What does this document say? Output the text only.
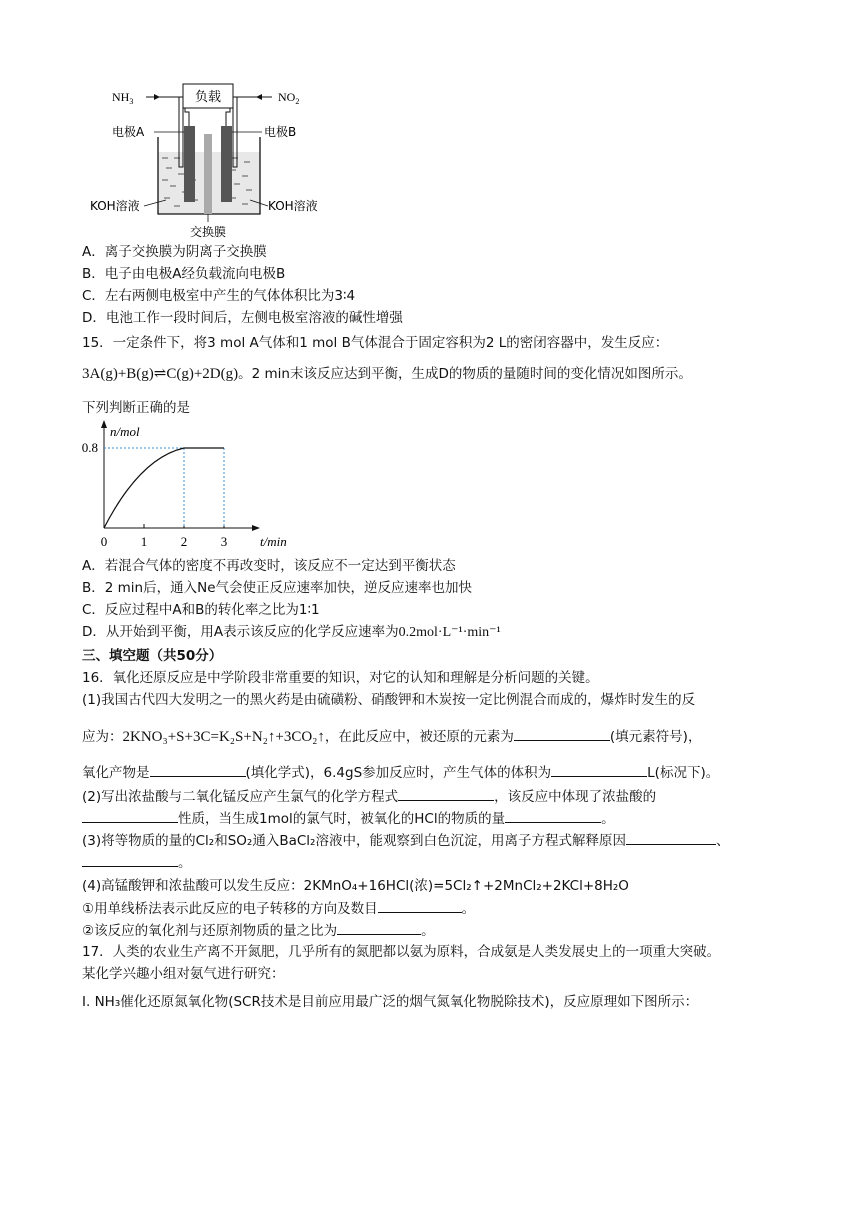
负载
$NH_3$	$NO_2$
电极A	电极B
KOH溶液	KOH溶液
交换膜
A．离子交换膜为阴离子交换膜
B．电子由电极A经负载流向电极B
C．左右两侧电极室中产生的气体体积比为3∶4
D．电池工作一段时间后，左侧电极室溶液的碱性增强
15．一定条件下，将3 mol A气体和1 mol B气体混合于固定容积为2 L的密闭容器中，发生反应：
3A(g)+B(g)⇌C(g)+2D(g)。2 min末该反应达到平衡，生成D的物质的量随时间的变化情况如图所示。
下列判断正确的是
n/mol
t/min
0	1	2	3
0.8
A．若混合气体的密度不再改变时，该反应不一定达到平衡状态
B．2 min后，通入Ne气会使正反应速率加快，逆反应速率也加快
C．反应过程中A和B的转化率之比为1∶1
D．从开始到平衡，用A表示该反应的化学反应速率为0.2mol·L⁻¹·min⁻¹
三、填空题（共50分）
16．氧化还原反应是中学阶段非常重要的知识，对它的认知和理解是分析问题的关键。
(1)我国古代四大发明之一的黑火药是由硫磺粉、硝酸钾和木炭按一定比例混合而成的，爆炸时发生的反
应为：2KNO₃+S+3C=K₂S+N₂↑+3CO₂↑，在此反应中，被还原的元素为	(填元素符号)，
氧化产物是	(填化学式)，6.4gS参加反应时，产生气体的体积为	L(标况下)。
(2)写出浓盐酸与二氧化锰反应产生氯气的化学方程式	，该反应中体现了浓盐酸的
性质，当生成1mol的氯气时，被氧化的HCl的物质的量	。
(3)将等物质的量的Cl₂和SO₂通入BaCl₂溶液中，能观察到白色沉淀，用离子方程式解释原因	、
。
(4)高锰酸钾和浓盐酸可以发生反应：2KMnO₄+16HCl(浓)=5Cl₂↑+2MnCl₂+2KCl+8H₂O
①用单线桥法表示此反应的电子转移的方向及数目	。
②该反应的氧化剂与还原剂物质的量之比为	。
17．人类的农业生产离不开氮肥，几乎所有的氮肥都以氨为原料，合成氨是人类发展史上的一项重大突破。
某化学兴趣小组对氨气进行研究：
Ⅰ. NH₃催化还原氮氧化物(SCR技术是目前应用最广泛的烟气氮氧化物脱除技术)，反应原理如下图所示：
